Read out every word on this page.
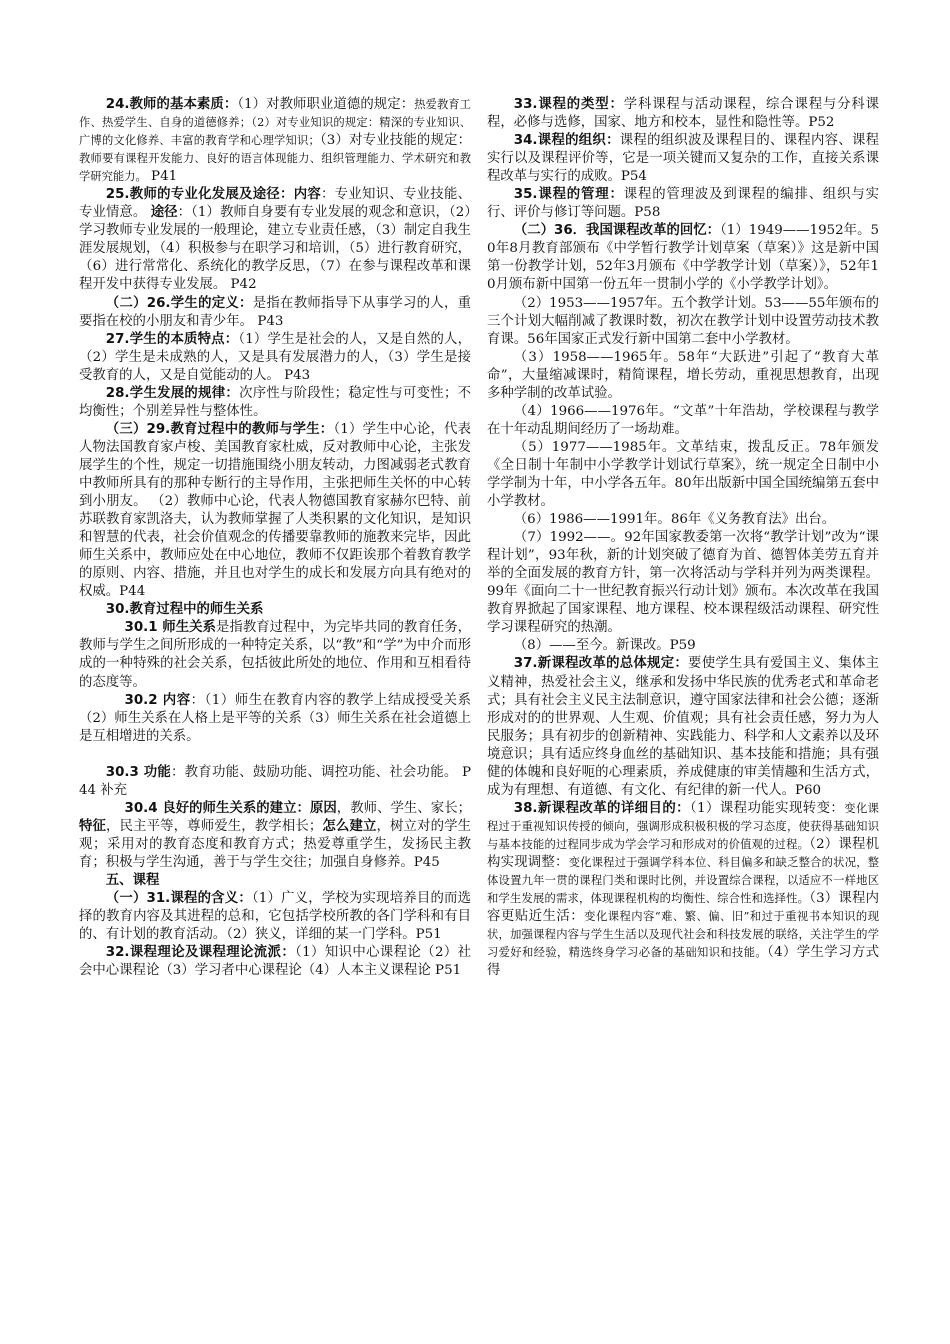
24.教师的基本素质：（1）对教师职业道德的规定：热爱教育工作、热爱学生、自身的道德修养；（2）对专业知识的规定：精深的专业知识、广博的文化修养、丰富的教育学和心理学知识；（3）对专业技能的规定：教师要有课程开发能力、良好的语言体现能力、组织管理能力、学术研究和教学研究能力。 P41

25.教师的专业化发展及途径：内容：专业知识、专业技能、专业情意。 途径：（1）教师自身要有专业发展的观念和意识，（2）学习教师专业发展的一般理论，建立专业责任感，（3）制定自我生涯发展规划，（4）积极参与在职学习和培训，（5）进行教育研究，（6）进行常常化、系统化的教学反思，（7）在参与课程改革和课程开发中获得专业发展。 P42

（二）26.学生的定义：是指在教师指导下从事学习的人，重要指在校的小朋友和青少年。 P43

27.学生的本质特点：（1）学生是社会的人，又是自然的人，（2）学生是未成熟的人，又是具有发展潜力的人，（3）学生是接受教育的人，又是自觉能动的人。 P43

28.学生发展的规律：次序性与阶段性；稳定性与可变性；不均衡性；个别差异性与整体性。

（三）29.教育过程中的教师与学生：（1）学生中心论，代表人物法国教育家卢梭、美国教育家杜威，反对教师中心论，主张发展学生的个性，规定一切措施围绕小朋友转动，力图减弱老式教育中教师所具有的那种专断行的主导作用，主张把师生关怀的中心转到小朋友。 （2）教师中心论，代表人物德国教育家赫尔巴特、前苏联教育家凯洛夫，认为教师掌握了人类积累的文化知识，是知识和智慧的代表，社会价值观念的传播要靠教师的施教来完毕，因此师生关系中，教师应处在中心地位，教师不仅距诶那个着教育教学的原则、内容、措施，并且也对学生的成长和发展方向具有绝对的权威。P44

30.教育过程中的师生关系

30.1 师生关系是指教育过程中，为完毕共同的教育任务，教师与学生之间所形成的一种特定关系，以“教”和“学”为中介而形成的一种特殊的社会关系，包括彼此所处的地位、作用和互相看待的态度等。

30.2 内容：（1）师生在教育内容的教学上结成授受关系（2）师生关系在人格上是平等的关系（3）师生关系在社会道德上是互相增进的关系。

30.3 功能：教育功能、鼓励功能、调控功能、社会功能。 P44 补充

30.4 良好的师生关系的建立：原因，教师、学生、家长；特征，民主平等，尊师爱生，教学相长；怎么建立，树立对的学生观；采用对的教育态度和教育方式；热爱尊重学生，发扬民主教育；积极与学生沟通，善于与学生交往；加强自身修养。P45

五、课程

（一）31.课程的含义：（1）广义，学校为实现培养目的而选择的教育内容及其进程的总和，它包括学校所教的各门学科和有目的、有计划的教育活动。（2）狭义，详细的某一门学科。P51

32.课程理论及课程理论流派：（1）知识中心课程论（2）社会中心课程论（3）学习者中心课程论（4）人本主义课程论 P51

33.课程的类型：学科课程与活动课程，综合课程与分科课程，必修与选修，国家、地方和校本，显性和隐性等。P52

34.课程的组织：课程的组织波及课程目的、课程内容、课程实行以及课程评价等，它是一项关键而又复杂的工作，直接关系课程改革与实行的成败。P54

35.课程的管理：课程的管理波及到课程的编排、组织与实行、评价与修订等问题。P58

（二）36．我国课程改革的回忆：（1）1949——1952年。50年8月教育部颁布《中学暂行教学计划草案（草案）》这是新中国第一份教学计划，52年3月颁布《中学教学计划（草案）》，52年10月颁布新中国第一份五年一贯制小学的《小学教学计划》。

（2）1953——1957年。五个教学计划。53——55年颁布的三个计划大幅削减了教课时数，初次在教学计划中设置劳动技术教育课。56年国家正式发行新中国第二套中小学教材。

（3）1958——1965年。58年“大跃进”引起了“教育大革命”，大量缩减课时，精简课程，增长劳动，重视思想教育，出现多种学制的改革试验。

（4）1966——1976年。“文革”十年浩劫，学校课程与教学在十年动乱期间经历了一场劫难。

（5）1977——1985年。文革结束，拨乱反正。78年颁发《全日制十年制中小学教学计划试行草案》，统一规定全日制中小学学制为十年，中小学各五年。80年出版新中国全国统编第五套中小学教材。

（6）1986——1991年。86年《义务教育法》出台。

（7）1992——。92年国家教委第一次将“教学计划”改为“课程计划”，93年秋，新的计划突破了德育为首、德智体美劳五育并举的全面发展的教育方针，第一次将活动与学科并列为两类课程。99年《面向二十一世纪教育振兴行动计划》颁布。本次改革在我国教育界掀起了国家课程、地方课程、校本课程级活动课程、研究性学习课程研究的热潮。

（8）——至今。新课改。P59

37.新课程改革的总体规定：要使学生具有爱国主义、集体主义精神，热爱社会主义，继承和发扬中华民族的优秀老式和革命老式；具有社会主义民主法制意识，遵守国家法律和社会公德；逐渐形成对的的世界观、人生观、价值观；具有社会责任感，努力为人民服务；具有初步的创新精神、实践能力、科学和人文素养以及环境意识；具有适应终身血丝的基础知识、基本技能和措施；具有强健的体魄和良好呃的心理素质，养成健康的审美情趣和生活方式，成为有理想、有道德、有文化、有纪律的新一代人。P60

38.新课程改革的详细目的：（1）课程功能实现转变：变化课程过于重视知识传授的倾向，强调形成积极积极的学习态度，使获得基础知识与基本技能的过程同步成为学会学习和形成对的价值观的过程。（2）课程机构实现调整：变化课程过于强调学科本位、科目偏多和缺乏整合的状况，整体设置九年一贯的课程门类和课时比例，并设置综合课程，以适应不一样地区和学生发展的需求，体现课程机构的均衡性、综合性和选择性。（3）课程内容更贴近生活：变化课程内容“难、繁、偏、旧”和过于重视书本知识的现状，加强课程内容与学生生活以及现代社会和科技发展的联络，关注学生的学习爱好和经验，精选终身学习必备的基础知识和技能。（4）学生学习方式得
